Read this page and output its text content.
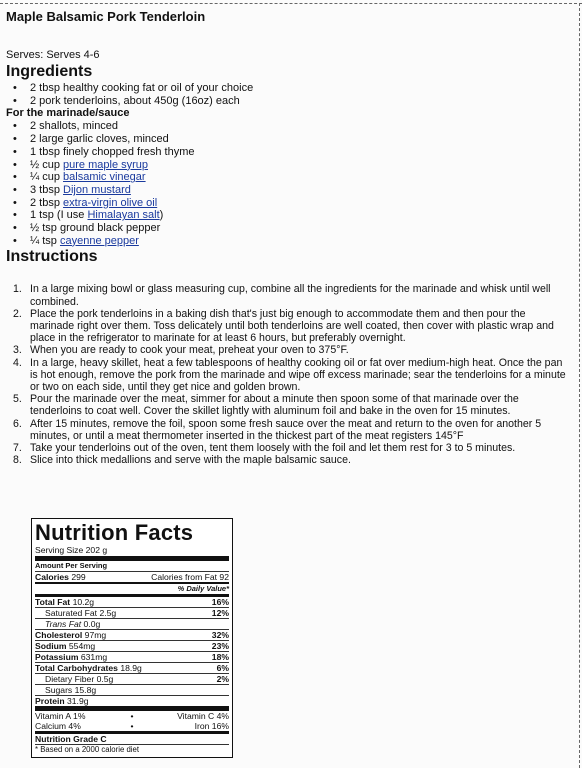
Maple Balsamic Pork Tenderloin
Serves: Serves 4-6
Ingredients
• 2 tbsp healthy cooking fat or oil of your choice
• 2 pork tenderloins, about 450g (16oz) each
For the marinade/sauce
• 2 shallots, minced
• 2 large garlic cloves, minced
• 1 tbsp finely chopped fresh thyme
• ½ cup pure maple syrup
• ¼ cup balsamic vinegar
• 3 tbsp Dijon mustard
• 2 tbsp extra-virgin olive oil
• 1 tsp (I use Himalayan salt)
• ½ tsp ground black pepper
• ¼ tsp cayenne pepper
Instructions
1. In a large mixing bowl or glass measuring cup, combine all the ingredients for the marinade and whisk until well combined.
2. Place the pork tenderloins in a baking dish that's just big enough to accommodate them and then pour the marinade right over them. Toss delicately until both tenderloins are well coated, then cover with plastic wrap and place in the refrigerator to marinate for at least 6 hours, but preferably overnight.
3. When you are ready to cook your meat, preheat your oven to 375°F.
4. In a large, heavy skillet, heat a few tablespoons of healthy cooking oil or fat over medium-high heat. Once the pan is hot enough, remove the pork from the marinade and wipe off excess marinade; sear the tenderloins for a minute or two on each side, until they get nice and golden brown.
5. Pour the marinade over the meat, simmer for about a minute then spoon some of that marinade over the tenderloins to coat well. Cover the skillet lightly with aluminum foil and bake in the oven for 15 minutes.
6. After 15 minutes, remove the foil, spoon some fresh sauce over the meat and return to the oven for another 5 minutes, or until a meat thermometer inserted in the thickest part of the meat registers 145°F
7. Take your tenderloins out of the oven, tent them loosely with the foil and let them rest for 3 to 5 minutes.
8. Slice into thick medallions and serve with the maple balsamic sauce.
Nutrition Facts
Serving Size 202 g
Amount Per Serving
Calories 299	Calories from Fat 92
% Daily Value*
Total Fat 10.2g	16%
Saturated Fat 2.5g	12%
Trans Fat 0.0g
Cholesterol 97mg	32%
Sodium 554mg	23%
Potassium 631mg	18%
Total Carbohydrates 18.9g	6%
Dietary Fiber 0.5g	2%
Sugars 15.8g
Protein 31.9g
Vitamin A 1%	•	Vitamin C 4%
Calcium 4%	•	Iron 16%
Nutrition Grade C
* Based on a 2000 calorie diet
